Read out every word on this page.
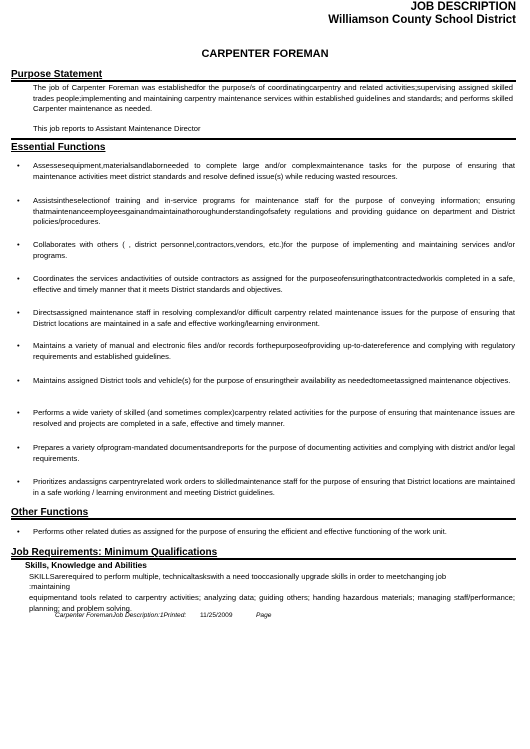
JOB DESCRIPTION
Williamson County School District
CARPENTER FOREMAN
Purpose Statement
The job of Carpenter Foreman was establishedfor the purpose/s of coordinatingcarpentry and related activities;supervising assigned skilled trades people;implementing and maintaining carpentry maintenance services within established guidelines and standards; and performs skilled Carpenter maintenance as needed.
This job reports to Assistant Maintenance Director
Essential Functions
•	Assessesequipment,materialsandlaborneeded to complete large and/or complexmaintenance tasks for the purpose of ensuring that maintenance activities meet district standards and resolve defined issue(s) while reducing wasted resources.
•	Assistsintheselectionof training and in-service programs for maintenance staff for the purpose of conveying information; ensuring thatmaintenanceemployeesgainandmaintainathoroughunderstandingofsafety regulations and providing guidance on department and District policies/procedures.
•	Collaborates with others ( , district personnel,contractors,vendors, etc.)for the purpose of implementing and maintaining services and/or programs.
•	Coordinates the services andactivities of outside contractors as assigned for the purposeofensuringthatcontractedworkis completed in a safe, effective and timely manner that it meets District standards and objectives.
•	Directsassigned maintenance staff in resolving complexand/or difficult carpentry related maintenance issues for the purpose of ensuring that District locations are maintained in a safe and effective working/learning environment.
•	Maintains a variety of manual and electronic files and/or records forthepurposeofproviding up-to-datereference and complying with regulatory requirements and established guidelines.
•	Maintains assigned District tools and vehicle(s) for the purpose of ensuringtheir availability as neededtomeetassigned maintenance objectives.
•	Performs a wide variety of skilled (and sometimes complex)carpentry related activities for the purpose of ensuring that maintenance issues are resolved and projects are completed in a safe, effective and timely manner.
•	Prepares a variety ofprogram-mandated documentsandreports for the purpose of documenting activities and complying with district and/or legal requirements.
•	Prioritizes andassigns carpentryrelated work orders to skilledmaintenance staff for the purpose of ensuring that District locations are maintained in a safe working / learning environment and meeting District guidelines.
Other Functions
•	Performs other related duties as assigned for the purpose of ensuring the efficient and effective functioning of the work unit.
Job Requirements: Minimum Qualifications
Skills, Knowledge and Abilities
SKILLSarerequired to perform multiple, technicaltaskswith a need tooccasionally upgrade skills in order to meetchanging job
:maintaining
equipmentand tools related to carpentry activities; analyzing data; guiding others; handing hazardous materials; managing staff/performance; planning; and problem solving.
Carpenter ForemanJob Description:1Printed: 11/25/2009	Page
